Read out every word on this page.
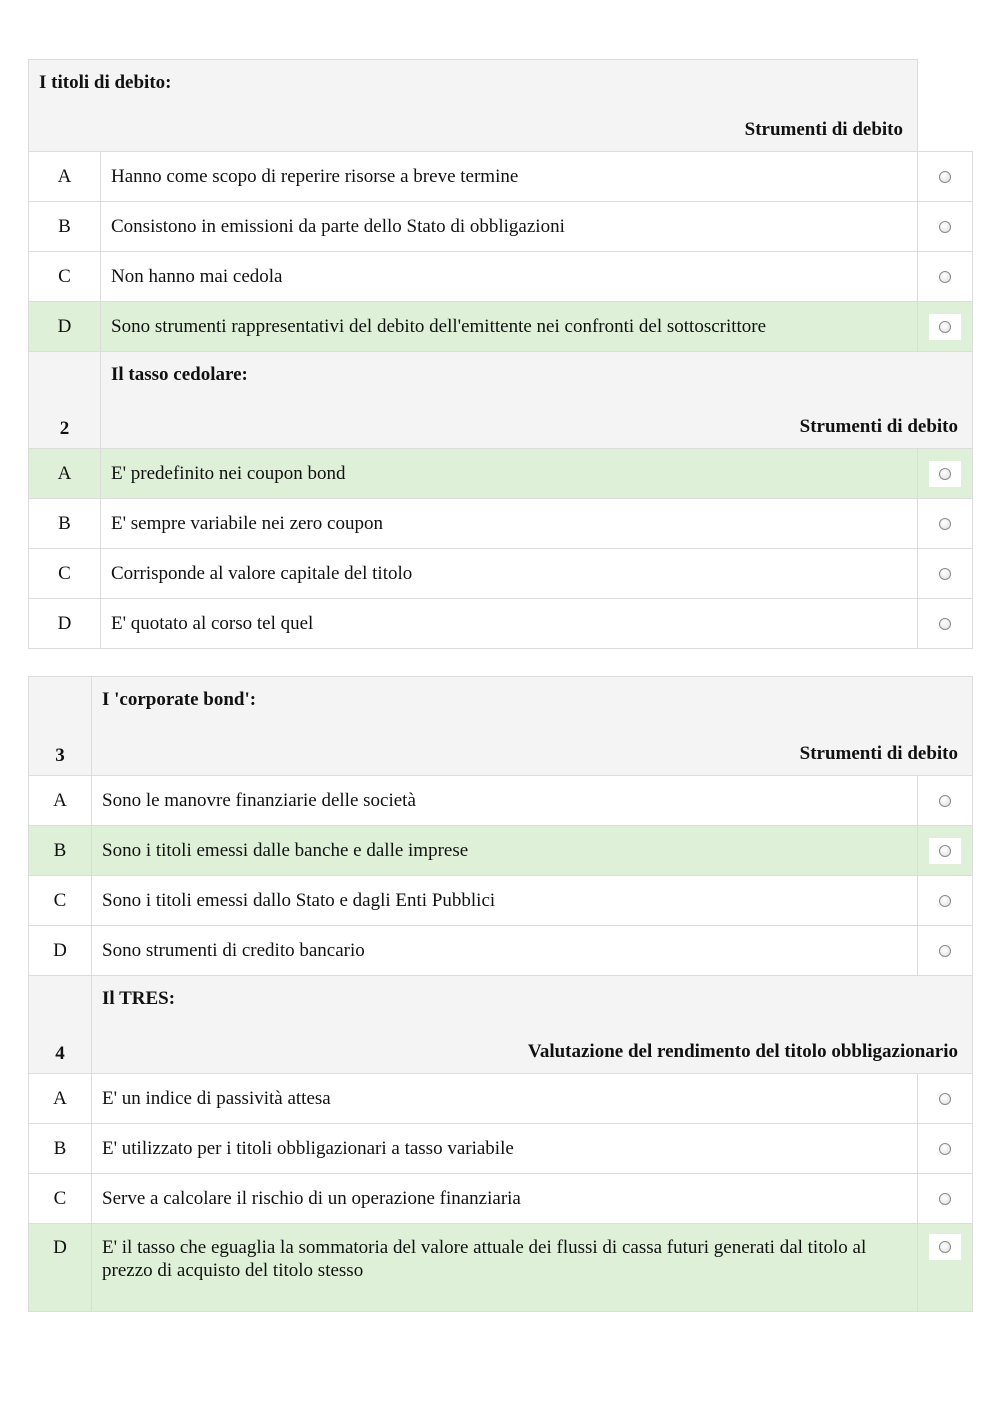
I titoli di debito:
Strumenti di debito		

A	Hanno come scopo di reperire risorse a breve termine	
B	Consistono in emissioni da parte dello Stato di obbligazioni	
C	Non hanno mai cedola	
D	Sono strumenti rappresentativi del debito dell'emittente nei confronti del sottoscrittore	
2	Il tasso cedolare:
Strumenti di debito	

A	E' predefinito nei coupon bond	
B	E' sempre variabile nei zero coupon	
C	Corrisponde al valore capitale del titolo	
D	E' quotato al corso tel quel	
3	I 'corporate bond':
Strumenti di debito	

A	Sono le manovre finanziarie delle società	
B	Sono i titoli emessi dalle banche e dalle imprese	
C	Sono i titoli emessi dallo Stato e dagli Enti Pubblici	
D	Sono strumenti di credito bancario	
4	Il TRES:
Valutazione del rendimento del titolo obbligazionario	

A	E' un indice di passività attesa	
B	E' utilizzato per i titoli obbligazionari a tasso variabile	
C	Serve a calcolare il rischio di un operazione finanziaria	
D	E' il tasso che eguaglia la sommatoria del valore attuale dei flussi di cassa futuri generati dal titolo al prezzo di acquisto del titolo stesso	
